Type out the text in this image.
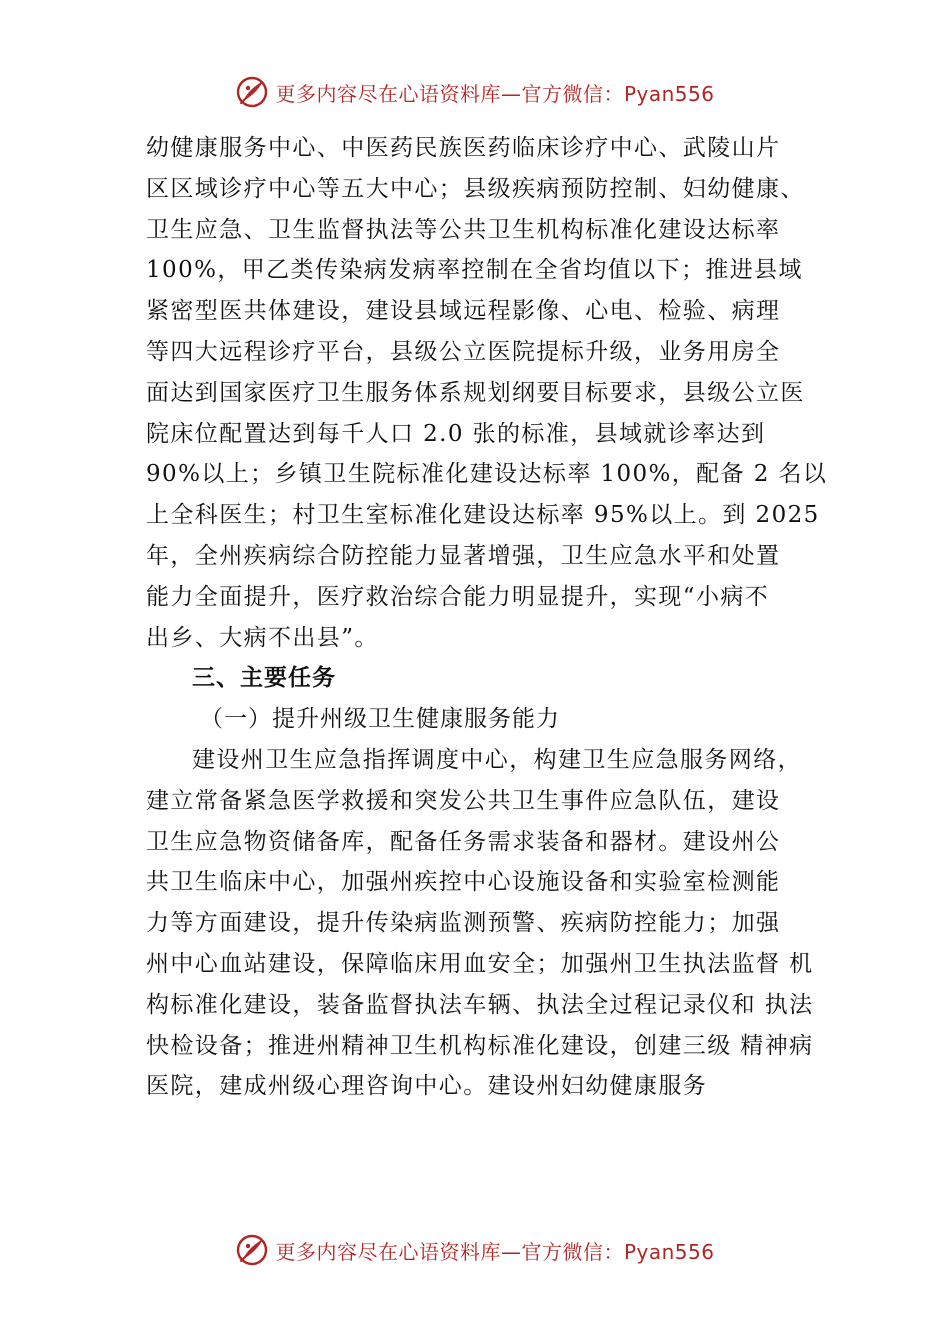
更多内容尽在心语资料库—官方微信：Pyan556
幼健康服务中心、中医药民族医药临床诊疗中心、武陵山片
区区域诊疗中心等五大中心；县级疾病预防控制、妇幼健康、
卫生应急、卫生监督执法等公共卫生机构标准化建设达标率
100%，甲乙类传染病发病率控制在全省均值以下；推进县域
紧密型医共体建设，建设县域远程影像、心电、检验、病理
等四大远程诊疗平台，县级公立医院提标升级，业务用房全
面达到国家医疗卫生服务体系规划纲要目标要求，县级公立医
院床位配置达到每千人口 2.0 张的标准，县域就诊率达到
90%以上；乡镇卫生院标准化建设达标率 100%，配备 2 名以
上全科医生；村卫生室标准化建设达标率 95%以上。到 2025
年，全州疾病综合防控能力显著增强，卫生应急水平和处置
能力全面提升，医疗救治综合能力明显提升，实现“小病不
出乡、大病不出县”。
三、主要任务
（一）提升州级卫生健康服务能力
建设州卫生应急指挥调度中心，构建卫生应急服务网络，
建立常备紧急医学救援和突发公共卫生事件应急队伍，建设
卫生应急物资储备库，配备任务需求装备和器材。建设州公
共卫生临床中心，加强州疾控中心设施设备和实验室检测能
力等方面建设，提升传染病监测预警、疾病防控能力；加强
州中心血站建设，保障临床用血安全；加强州卫生执法监督 机
构标准化建设，装备监督执法车辆、执法全过程记录仪和 执法
快检设备；推进州精神卫生机构标准化建设，创建三级 精神病
医院，建成州级心理咨询中心。建设州妇幼健康服务
更多内容尽在心语资料库—官方微信：Pyan556
